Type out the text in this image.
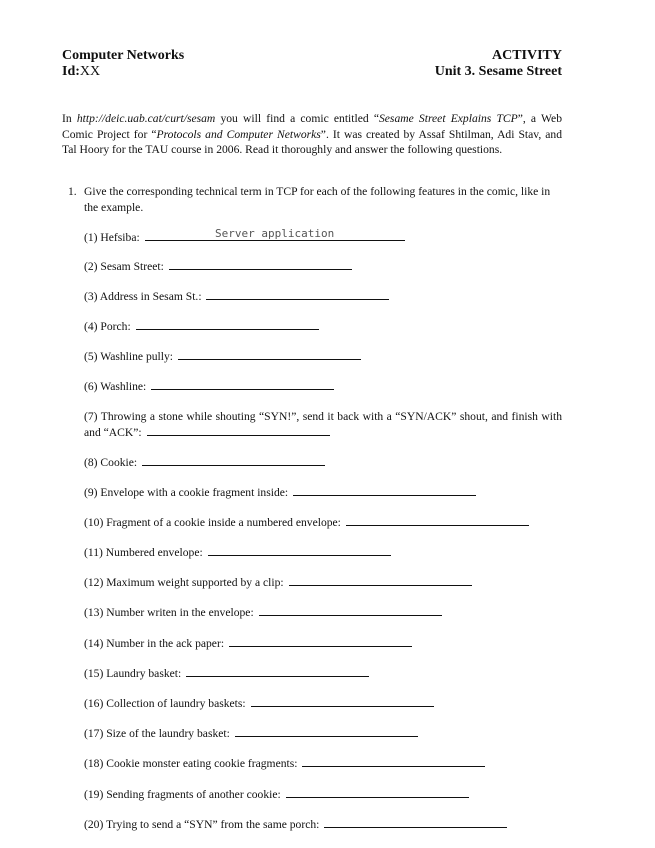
Computer Networks
Id:XX
ACTIVITY
Unit 3. Sesame Street
In http://deic.uab.cat/curt/sesam you will find a comic entitled “Sesame Street Explains TCP”, a Web Comic Project for “Protocols and Computer Networks”. It was created by Assaf Shtilman, Adi Stav, and Tal Hoory for the TAU course in 2006. Read it thoroughly and answer the following questions.
1. Give the corresponding technical term in TCP for each of the following features in the comic, like in the example.
(1) Hefsiba:	Server application
(2) Sesam Street:
(3) Address in Sesam St.:
(4) Porch:
(5) Washline pully:
(6) Washline:
(7) Throwing a stone while shouting “SYN!”, send it back with a “SYN/ACK” shout, and finish with and “ACK”:
(8) Cookie:
(9) Envelope with a cookie fragment inside:
(10) Fragment of a cookie inside a numbered envelope:
(11) Numbered envelope:
(12) Maximum weight supported by a clip:
(13) Number writen in the envelope:
(14) Number in the ack paper:
(15) Laundry basket:
(16) Collection of laundry baskets:
(17) Size of the laundry basket:
(18) Cookie monster eating cookie fragments:
(19) Sending fragments of another cookie:
(20) Trying to send a “SYN” from the same porch:
